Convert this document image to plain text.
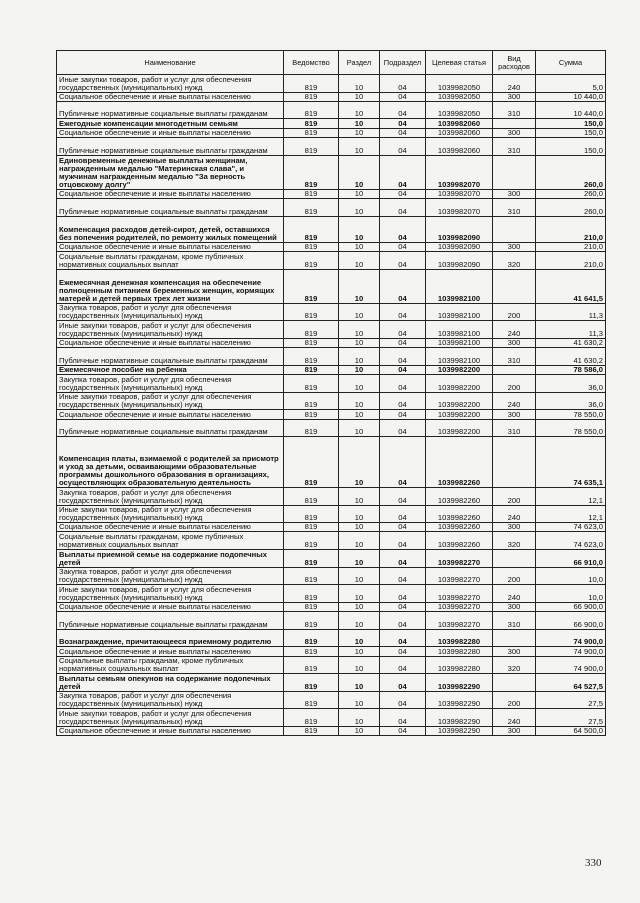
Наименование	Ведомство	Раздел	Подраздел	Целевая статья	Вид расходов	Сумма
Иные закупки товаров, работ и услуг для обеспечения государственных (муниципальных) нужд	819	10	04	1039982050	240	5,0
Социальное обеспечение и иные выплаты населению	819	10	04	1039982050	300	10 440,0
Публичные нормативные социальные выплаты гражданам	819	10	04	1039982050	310	10 440,0
Ежегодные компенсации многодетным семьям	819	10	04	1039982060		150,0
Социальное обеспечение и иные выплаты населению	819	10	04	1039982060	300	150,0
Публичные нормативные социальные выплаты гражданам	819	10	04	1039982060	310	150,0
Единовременные денежные выплаты женщинам, награжденным медалью "Материнская слава", и мужчинам награжденным медалью "За верность отцовскому долгу"	819	10	04	1039982070		260,0
Социальное обеспечение и иные выплаты населению	819	10	04	1039982070	300	260,0
Публичные нормативные социальные выплаты гражданам	819	10	04	1039982070	310	260,0
Компенсация расходов детей-сирот, детей, оставшихся без попечения родителей, по ремонту жилых помещений	819	10	04	1039982090		210,0
Социальное обеспечение и иные выплаты населению	819	10	04	1039982090	300	210,0
Социальные выплаты гражданам, кроме публичных нормативных социальных выплат	819	10	04	1039982090	320	210,0
Ежемесячная денежная компенсация на обеспечение полноценным питанием беременных женщин, кормящих матерей и детей первых трех лет жизни	819	10	04	1039982100		41 641,5
Закупка товаров, работ и услуг для обеспечения государственных (муниципальных) нужд	819	10	04	1039982100	200	11,3
Иные закупки товаров, работ и услуг для обеспечения государственных (муниципальных) нужд	819	10	04	1039982100	240	11,3
Социальное обеспечение и иные выплаты населению	819	10	04	1039982100	300	41 630,2
Публичные нормативные социальные выплаты гражданам	819	10	04	1039982100	310	41 630,2
Ежемесячное пособие на ребенка	819	10	04	1039982200		78 586,0
Закупка товаров, работ и услуг для обеспечения государственных (муниципальных) нужд	819	10	04	1039982200	200	36,0
Иные закупки товаров, работ и услуг для обеспечения государственных (муниципальных) нужд	819	10	04	1039982200	240	36,0
Социальное обеспечение и иные выплаты населению	819	10	04	1039982200	300	78 550,0
Публичные нормативные социальные выплаты гражданам	819	10	04	1039982200	310	78 550,0
Компенсация платы, взимаемой с родителей за присмотр и уход за детьми, осваивающими образовательные программы дошкольного образования в организациях, осуществляющих образовательную деятельность	819	10	04	1039982260		74 635,1
Закупка товаров, работ и услуг для обеспечения государственных (муниципальных) нужд	819	10	04	1039982260	200	12,1
Иные закупки товаров, работ и услуг для обеспечения государственных (муниципальных) нужд	819	10	04	1039982260	240	12,1
Социальное обеспечение и иные выплаты населению	819	10	04	1039982260	300	74 623,0
Социальные выплаты гражданам, кроме публичных нормативных социальных выплат	819	10	04	1039982260	320	74 623,0
Выплаты приемной семье на содержание подопечных детей	819	10	04	1039982270		66 910,0
Закупка товаров, работ и услуг для обеспечения государственных (муниципальных) нужд	819	10	04	1039982270	200	10,0
Иные закупки товаров, работ и услуг для обеспечения государственных (муниципальных) нужд	819	10	04	1039982270	240	10,0
Социальное обеспечение и иные выплаты населению	819	10	04	1039982270	300	66 900,0
Публичные нормативные социальные выплаты гражданам	819	10	04	1039982270	310	66 900,0
Вознаграждение, причитающееся приемному родителю	819	10	04	1039982280		74 900,0
Социальное обеспечение и иные выплаты населению	819	10	04	1039982280	300	74 900,0
Социальные выплаты гражданам, кроме публичных нормативных социальных выплат	819	10	04	1039982280	320	74 900,0
Выплаты семьям опекунов на содержание подопечных детей	819	10	04	1039982290		64 527,5
Закупка товаров, работ и услуг для обеспечения государственных (муниципальных) нужд	819	10	04	1039982290	200	27,5
Иные закупки товаров, работ и услуг для обеспечения государственных (муниципальных) нужд	819	10	04	1039982290	240	27,5
Социальное обеспечение и иные выплаты населению	819	10	04	1039982290	300	64 500,0
330
